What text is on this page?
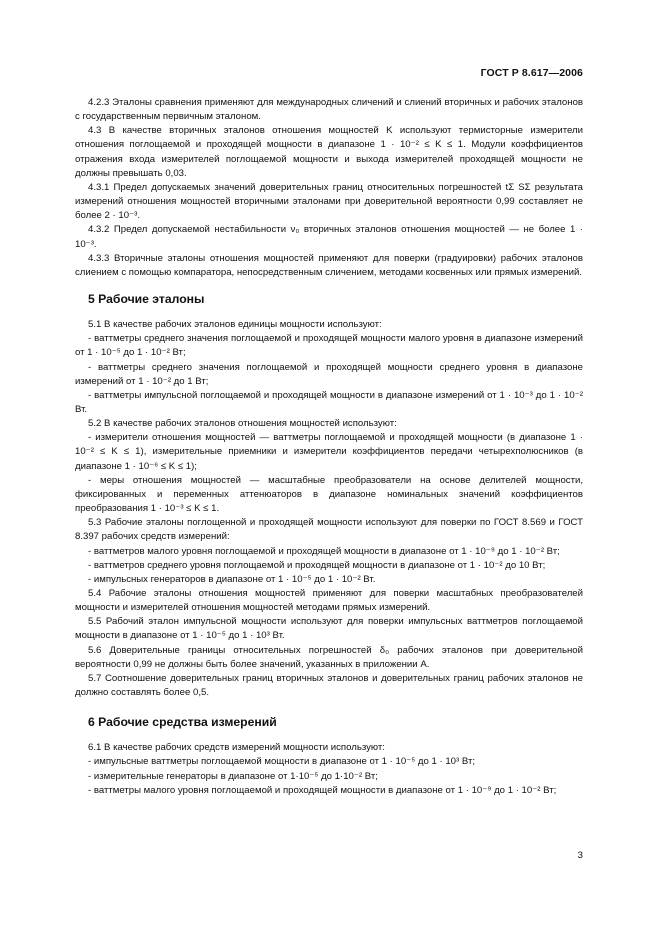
ГОСТ Р 8.617—2006

4.2.3 Эталоны сравнения применяют для международных сличений и слиений вторичных и рабочих эталонов с государственным первичным эталоном.

4.3 В качестве вторичных эталонов отношения мощностей K используют термисторные измерители отношения поглощаемой и проходящей мощности в диапазоне 1 · 10⁻² ≤ K ≤ 1. Модули коэффициентов отражения входа измерителей поглощаемой мощности и выхода измерителей проходящей мощности не должны превышать 0,03.

4.3.1 Предел допускаемых значений доверительных границ относительных погрешностей tΣ SΣ результата измерений отношения мощностей вторичными эталонами при доверительной вероятности 0,99 составляет не более 2 · 10⁻³.

4.3.2 Предел допускаемой нестабильности ν₀ вторичных эталонов отношения мощностей — не более 1 · 10⁻³.

4.3.3 Вторичные эталоны отношения мощностей применяют для поверки (градуировки) рабочих эталонов слиением с помощью компаратора, непосредственным сличением, методами косвенных или прямых измерений.

5 Рабочие эталоны

5.1 В качестве рабочих эталонов единицы мощности используют:

- ваттметры среднего значения поглощаемой и проходящей мощности малого уровня в диапазоне измерений от 1 · 10⁻⁵ до 1 · 10⁻² Вт;

- ваттметры среднего значения поглощаемой и проходящей мощности среднего уровня в диапазоне измерений от 1 · 10⁻² до 1 Вт;

- ваттметры импульсной поглощаемой и проходящей мощности в диапазоне измерений от 1 · 10⁻³ до 1 · 10⁻² Вт.

5.2 В качестве рабочих эталонов отношения мощностей используют:

- измерители отношения мощностей — ваттметры поглощаемой и проходящей мощности (в диапазоне 1 · 10⁻² ≤ K ≤ 1), измерительные приемники и измерители коэффициентов передачи четырехполюсников (в диапазоне 1 · 10⁻⁶ ≤ K ≤ 1);

- меры отношения мощностей — масштабные преобразователи на основе делителей мощности, фиксированных и переменных аттенюаторов в диапазоне номинальных значений коэффициентов преобразования 1 · 10⁻³ ≤ K ≤ 1.

5.3 Рабочие эталоны поглощенной и проходящей мощности используют для поверки по ГОСТ 8.569 и ГОСТ 8.397 рабочих средств измерений:

- ваттметров малого уровня поглощаемой и проходящей мощности в диапазоне от 1 · 10⁻⁹ до 1 · 10⁻² Вт;

- ваттметров среднего уровня поглощаемой и проходящей мощности в диапазоне от 1 · 10⁻² до 10 Вт;

- импульсных генераторов в диапазоне от 1 · 10⁻⁵ до 1 · 10⁻² Вт.

5.4 Рабочие эталоны отношения мощностей применяют для поверки масштабных преобразователей мощности и измерителей отношения мощностей методами прямых измерений.

5.5 Рабочий эталон импульсной мощности используют для поверки импульсных ваттметров поглощаемой мощности в диапазоне от 1 · 10⁻⁵ до 1 · 10³ Вт.

5.6 Доверительные границы относительных погрешностей δ₀ рабочих эталонов при доверительной вероятности 0,99 не должны быть более значений, указанных в приложении А.

5.7 Соотношение доверительных границ вторичных эталонов и доверительных границ рабочих эталонов не должно составлять более 0,5.

6 Рабочие средства измерений

6.1 В качестве рабочих средств измерений мощности используют:

- импульсные ваттметры поглощаемой мощности в диапазоне от 1 · 10⁻⁵ до 1 · 10³ Вт;

- измерительные генераторы в диапазоне от 1·10⁻⁵ до 1·10⁻² Вт;

- ваттметры малого уровня поглощаемой и проходящей мощности в диапазоне от 1 · 10⁻⁹ до 1 · 10⁻² Вт;

3
